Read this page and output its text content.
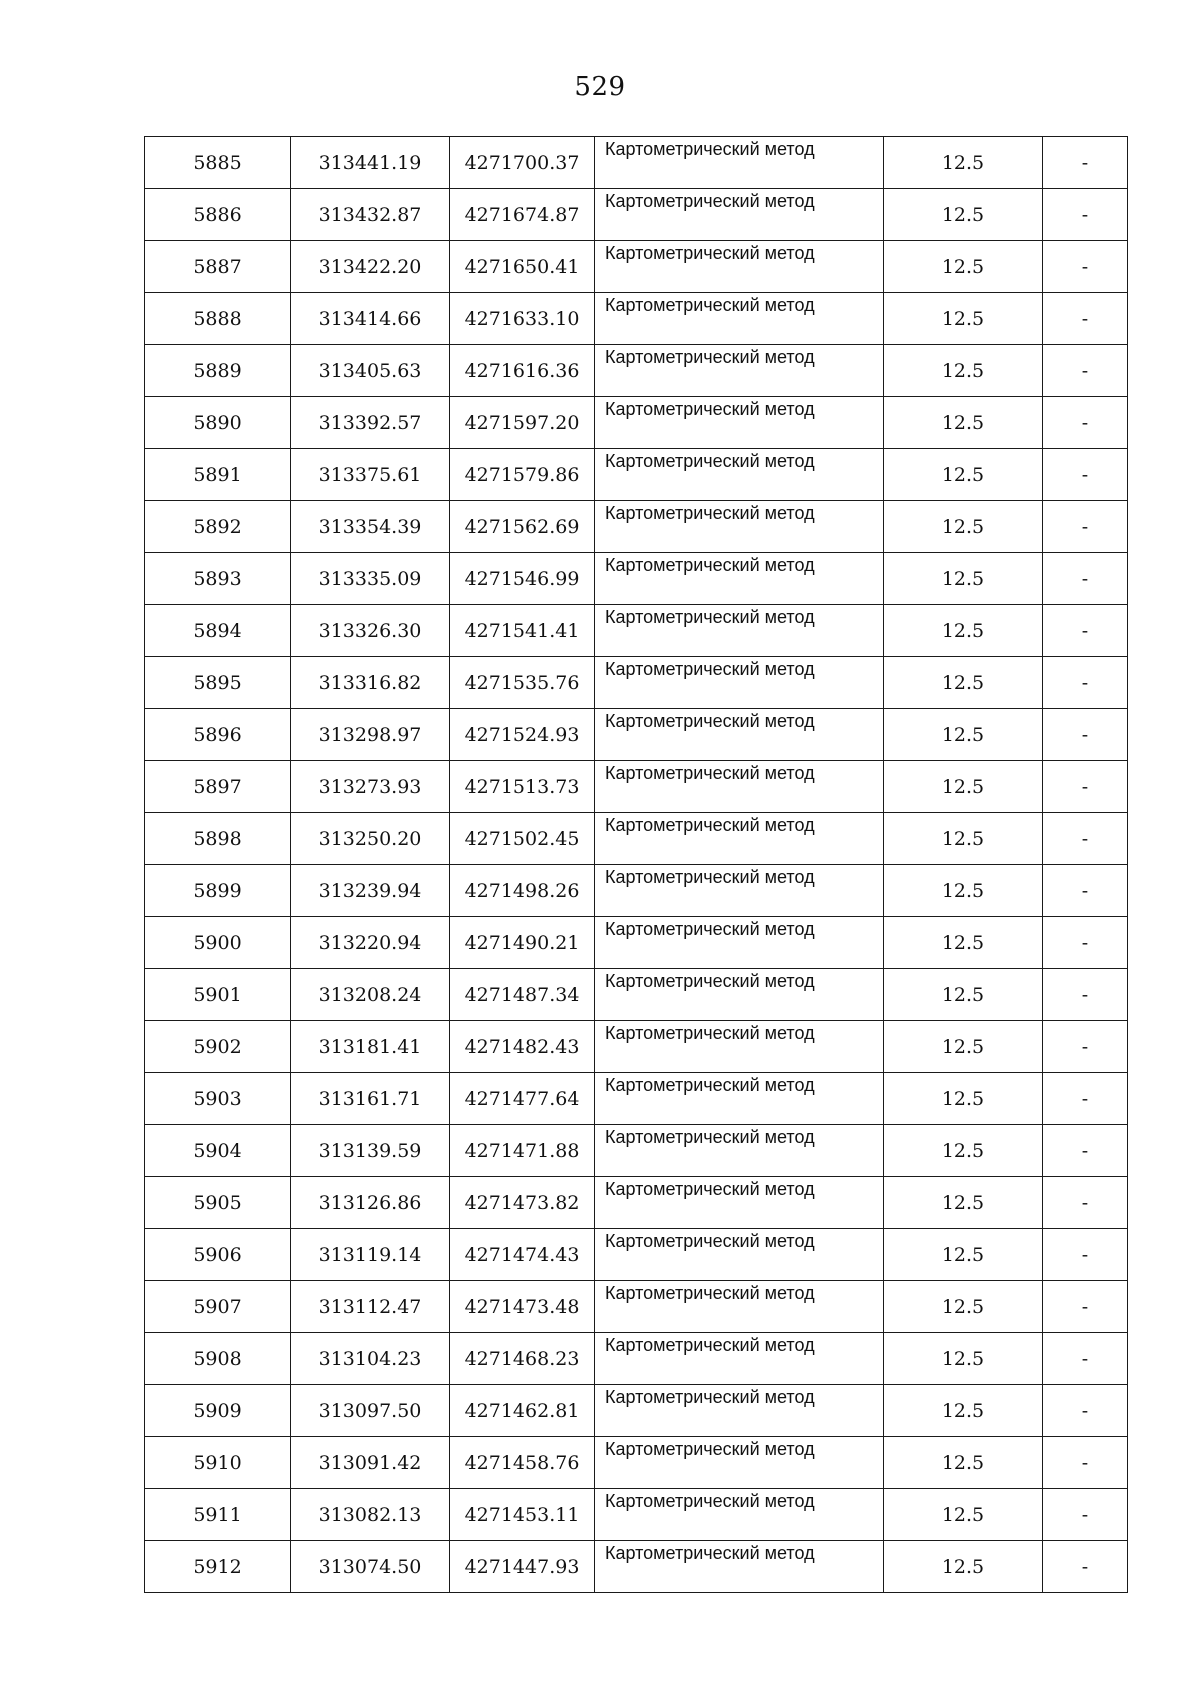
529
5885	313441.19	4271700.37	Картометрический метод	12.5	-
5886	313432.87	4271674.87	Картометрический метод	12.5	-
5887	313422.20	4271650.41	Картометрический метод	12.5	-
5888	313414.66	4271633.10	Картометрический метод	12.5	-
5889	313405.63	4271616.36	Картометрический метод	12.5	-
5890	313392.57	4271597.20	Картометрический метод	12.5	-
5891	313375.61	4271579.86	Картометрический метод	12.5	-
5892	313354.39	4271562.69	Картометрический метод	12.5	-
5893	313335.09	4271546.99	Картометрический метод	12.5	-
5894	313326.30	4271541.41	Картометрический метод	12.5	-
5895	313316.82	4271535.76	Картометрический метод	12.5	-
5896	313298.97	4271524.93	Картометрический метод	12.5	-
5897	313273.93	4271513.73	Картометрический метод	12.5	-
5898	313250.20	4271502.45	Картометрический метод	12.5	-
5899	313239.94	4271498.26	Картометрический метод	12.5	-
5900	313220.94	4271490.21	Картометрический метод	12.5	-
5901	313208.24	4271487.34	Картометрический метод	12.5	-
5902	313181.41	4271482.43	Картометрический метод	12.5	-
5903	313161.71	4271477.64	Картометрический метод	12.5	-
5904	313139.59	4271471.88	Картометрический метод	12.5	-
5905	313126.86	4271473.82	Картометрический метод	12.5	-
5906	313119.14	4271474.43	Картометрический метод	12.5	-
5907	313112.47	4271473.48	Картометрический метод	12.5	-
5908	313104.23	4271468.23	Картометрический метод	12.5	-
5909	313097.50	4271462.81	Картометрический метод	12.5	-
5910	313091.42	4271458.76	Картометрический метод	12.5	-
5911	313082.13	4271453.11	Картометрический метод	12.5	-
5912	313074.50	4271447.93	Картометрический метод	12.5	-
